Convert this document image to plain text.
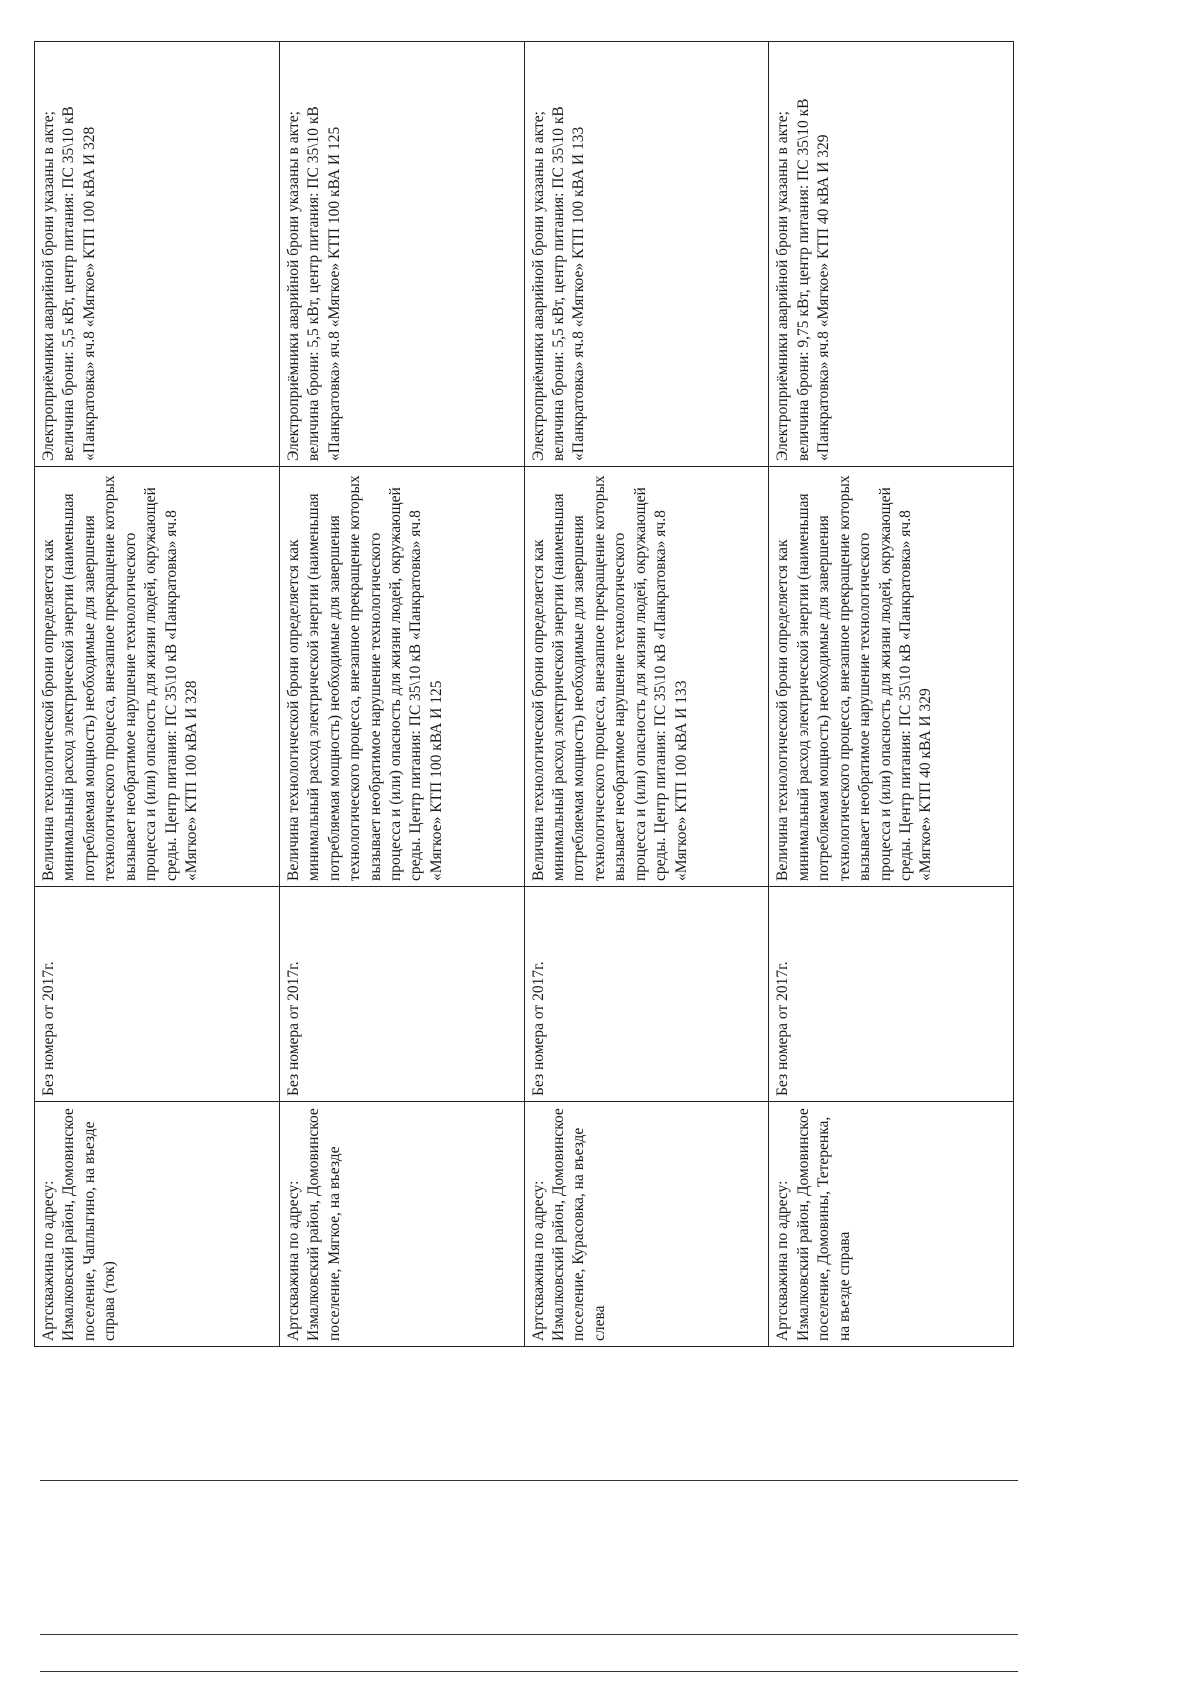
Артскважина по адресу: Измалковский район, Домовинское поселение, Чаплыгино, на въезде справа (ток)	Без номера от 2017г.	Величина технологической брони определяется как минимальный расход электрической энергии (наименьшая потребляемая мощность) необходимые для завершения технологического процесса, внезапное прекращение которых вызывает необратимое нарушение технологического процесса и (или) опасность для жизни людей, окружающей среды. Центр питания: ПС 35\10 кВ «Панкратовка» яч.8 «Мягкое» КТП 100 кВА И 328	Электроприёмники аварийной брони указаны в акте; величина брони: 5,5 кВт, центр питания: ПС 35\10 кВ «Панкратовка» яч.8 «Мягкое» КТП 100 кВА И 328
Артскважина по адресу: Измалковский район, Домовинское поселение, Мягкое, на въезде	Без номера от 2017г.	Величина технологической брони определяется как минимальный расход электрической энергии (наименьшая потребляемая мощность) необходимые для завершения технологического процесса, внезапное прекращение которых вызывает необратимое нарушение технологического процесса и (или) опасность для жизни людей, окружающей среды. Центр питания: ПС 35\10 кВ «Панкратовка» яч.8 «Мягкое» КТП 100 кВА И 125	Электроприёмники аварийной брони указаны в акте; величина брони: 5,5 кВт, центр питания: ПС 35\10 кВ «Панкратовка» яч.8 «Мягкое» КТП 100 кВА И 125
Артскважина по адресу: Измалковский район, Домовинское поселение, Курасовка, на въезде слева	Без номера от 2017г.	Величина технологической брони определяется как минимальный расход электрической энергии (наименьшая потребляемая мощность) необходимые для завершения технологического процесса, внезапное прекращение которых вызывает необратимое нарушение технологического процесса и (или) опасность для жизни людей, окружающей среды. Центр питания: ПС 35\10 кВ «Панкратовка» яч.8 «Мягкое» КТП 100 кВА И 133	Электроприёмники аварийной брони указаны в акте; величина брони: 5,5 кВт, центр питания: ПС 35\10 кВ «Панкратовка» яч.8 «Мягкое» КТП 100 кВА И 133
Артскважина по адресу: Измалковский район, Домовинское поселение, Домовины, Тетеренка, на въезде справа	Без номера от 2017г.	Величина технологической брони определяется как минимальный расход электрической энергии (наименьшая потребляемая мощность) необходимые для завершения технологического процесса, внезапное прекращение которых вызывает необратимое нарушение технологического процесса и (или) опасность для жизни людей, окружающей среды. Центр питания: ПС 35\10 кВ «Панкратовка» яч.8 «Мягкое» КТП 40 кВА И 329	Электроприёмники аварийной брони указаны в акте; величина брони: 9,75 кВт, центр питания: ПС 35\10 кВ «Панкратовка» яч.8 «Мягкое» КТП 40 кВА И 329
